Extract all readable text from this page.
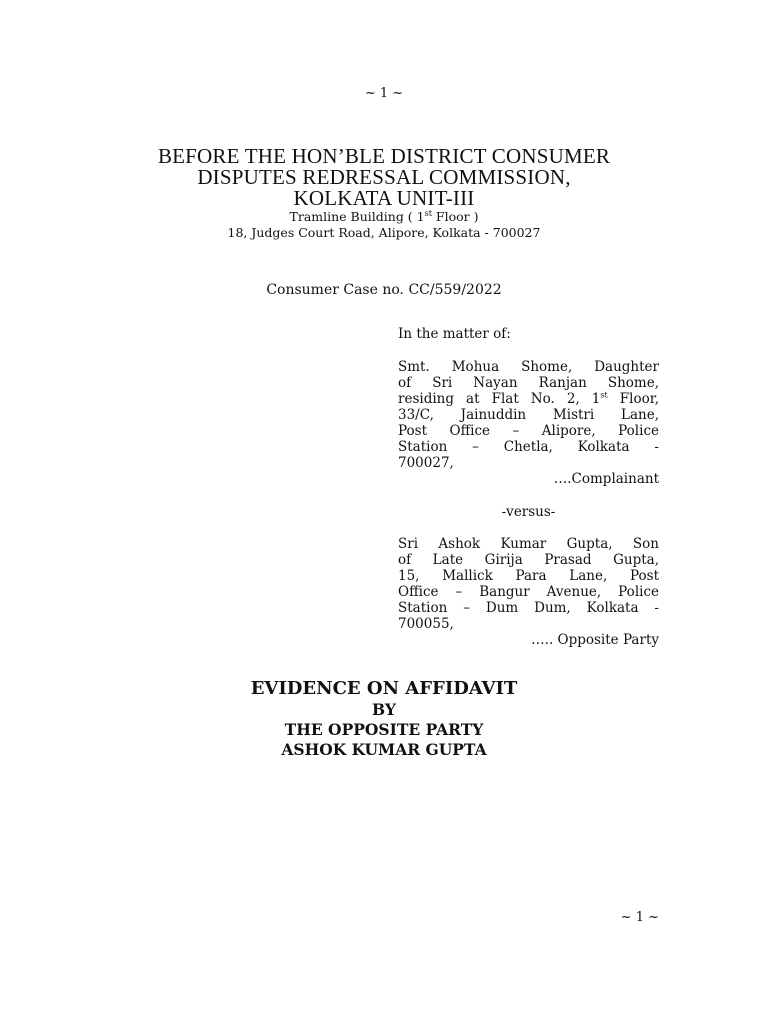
~ 1 ~
BEFORE THE HON’BLE DISTRICT CONSUMER
DISPUTES REDRESSAL COMMISSION,
KOLKATA UNIT-III
Tramline Building ( 1st Floor )
18, Judges Court Road, Alipore, Kolkata - 700027
Consumer Case no. CC/559/2022
In the matter of:
Smt. Mohua Shome, Daughter
of Sri Nayan Ranjan Shome,
residing at Flat No. 2, 1st Floor,
33/C, Jainuddin Mistri Lane,
Post Office – Alipore, Police
Station – Chetla, Kolkata -
700027,
….Complainant
-versus-
Sri Ashok Kumar Gupta, Son
of Late Girija Prasad Gupta,
15, Mallick Para Lane, Post
Office – Bangur Avenue, Police
Station – Dum Dum, Kolkata -
700055,
….. Opposite Party
EVIDENCE ON AFFIDAVIT
BY
THE OPPOSITE PARTY
ASHOK KUMAR GUPTA
~ 1 ~
